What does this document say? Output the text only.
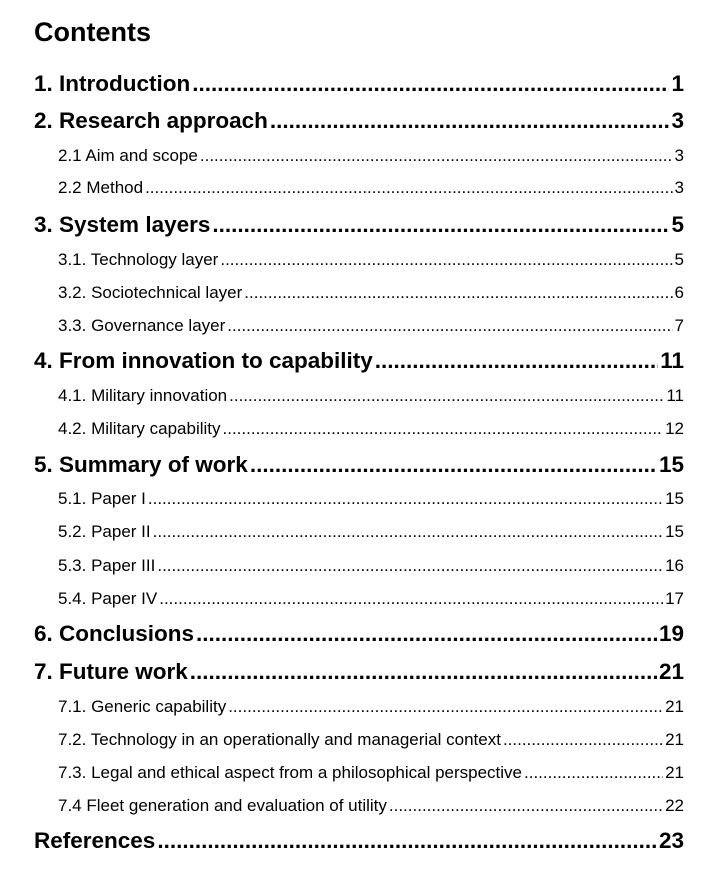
Contents
1. Introduction .....	1
2. Research approach .....	3
2.1 Aim and scope .....	3
2.2 Method .....	3
3. System layers .....	5
3.1. Technology layer .....	5
3.2. Sociotechnical layer .....	6
3.3. Governance layer .....	7
4. From innovation to capability .....	11
4.1. Military innovation .....	11
4.2. Military capability .....	12
5. Summary of work .....	15
5.1. Paper I .....	15
5.2. Paper II .....	15
5.3. Paper III .....	16
5.4. Paper IV .....	17
6. Conclusions .....	19
7. Future work .....	21
7.1. Generic capability .....	21
7.2. Technology in an operationally and managerial context .....	21
7.3. Legal and ethical aspect from a philosophical perspective .....	21
7.4 Fleet generation and evaluation of utility .....	22
References .....	23
